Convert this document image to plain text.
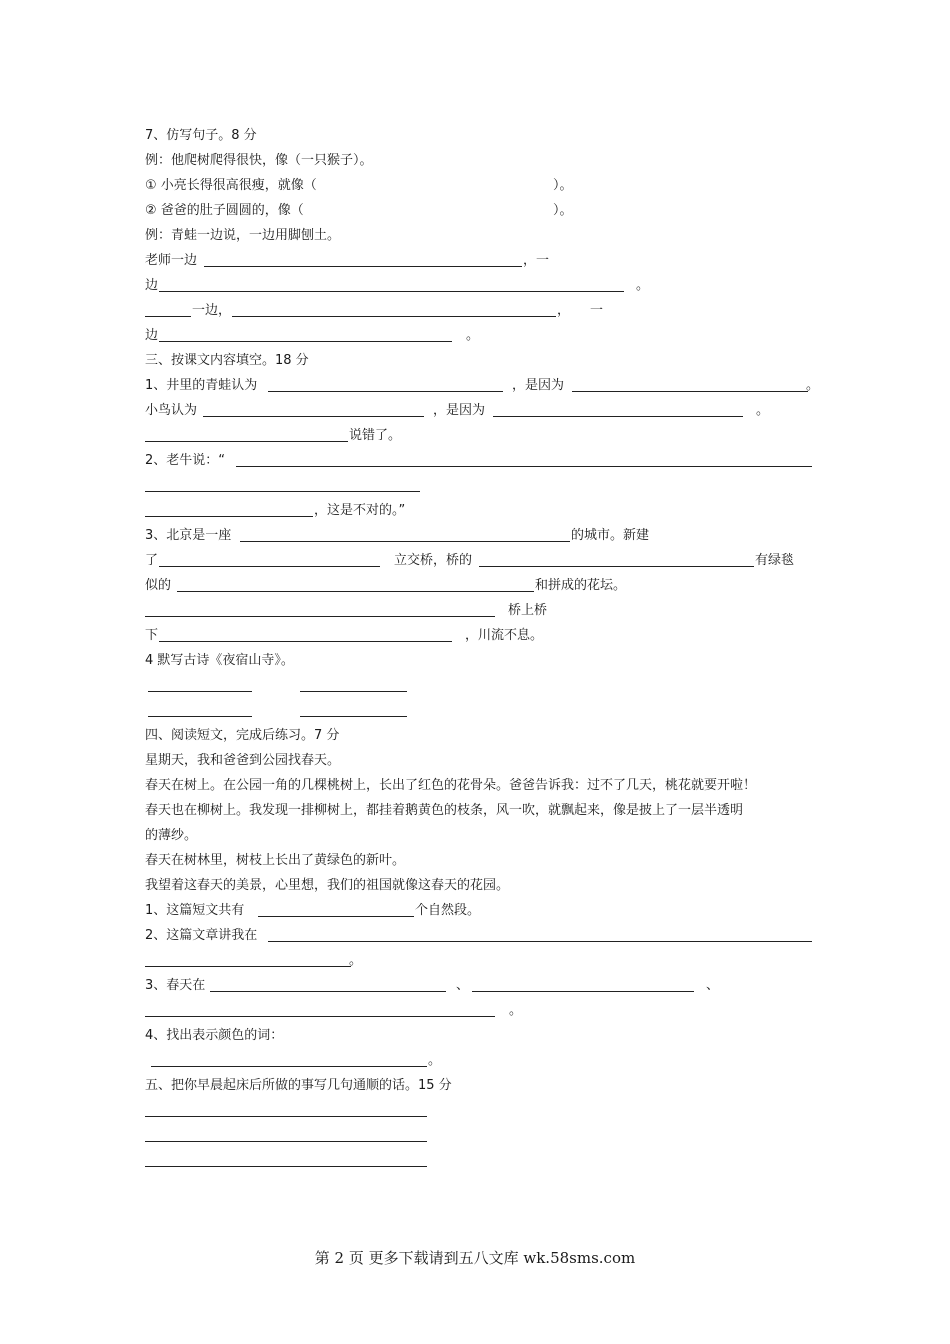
7、仿写句子。8 分
例：他爬树爬得很快，像（一只猴子）。
① 小亮长得很高很瘦，就像（	）。
② 爸爸的肚子圆圆的，像（	）。
例：青蛙一边说，一边用脚刨土。
老师一边	，一
边	。
一边，	， 一
边	。
三、按课文内容填空。18 分
1、井里的青蛙认为	，是因为	。
小鸟认为	，是因为	。
说错了。
2、老牛说：“
，这是不对的。”
3、北京是一座	的城市。新建
了	立交桥，桥的	有绿毯
似的	和拼成的花坛。
桥上桥
下	，川流不息。
4 默写古诗《夜宿山寺》。
四、阅读短文，完成后练习。7 分
星期天，我和爸爸到公园找春天。
春天在树上。在公园一角的几棵桃树上，长出了红色的花骨朵。爸爸告诉我：过不了几天，桃花就要开啦！
春天也在柳树上。我发现一排柳树上，都挂着鹅黄色的枝条，风一吹，就飘起来，像是披上了一层半透明
的薄纱。
春天在树林里，树枝上长出了黄绿色的新叶。
我望着这春天的美景，心里想，我们的祖国就像这春天的花园。
1、这篇短文共有	个自然段。
2、这篇文章讲我在
。
3、春天在	、	、
。
4、找出表示颜色的词：
。
五、把你早晨起床后所做的事写几句通顺的话。15 分
第 2 页 更多下载请到五八文库 wk.58sms.com
